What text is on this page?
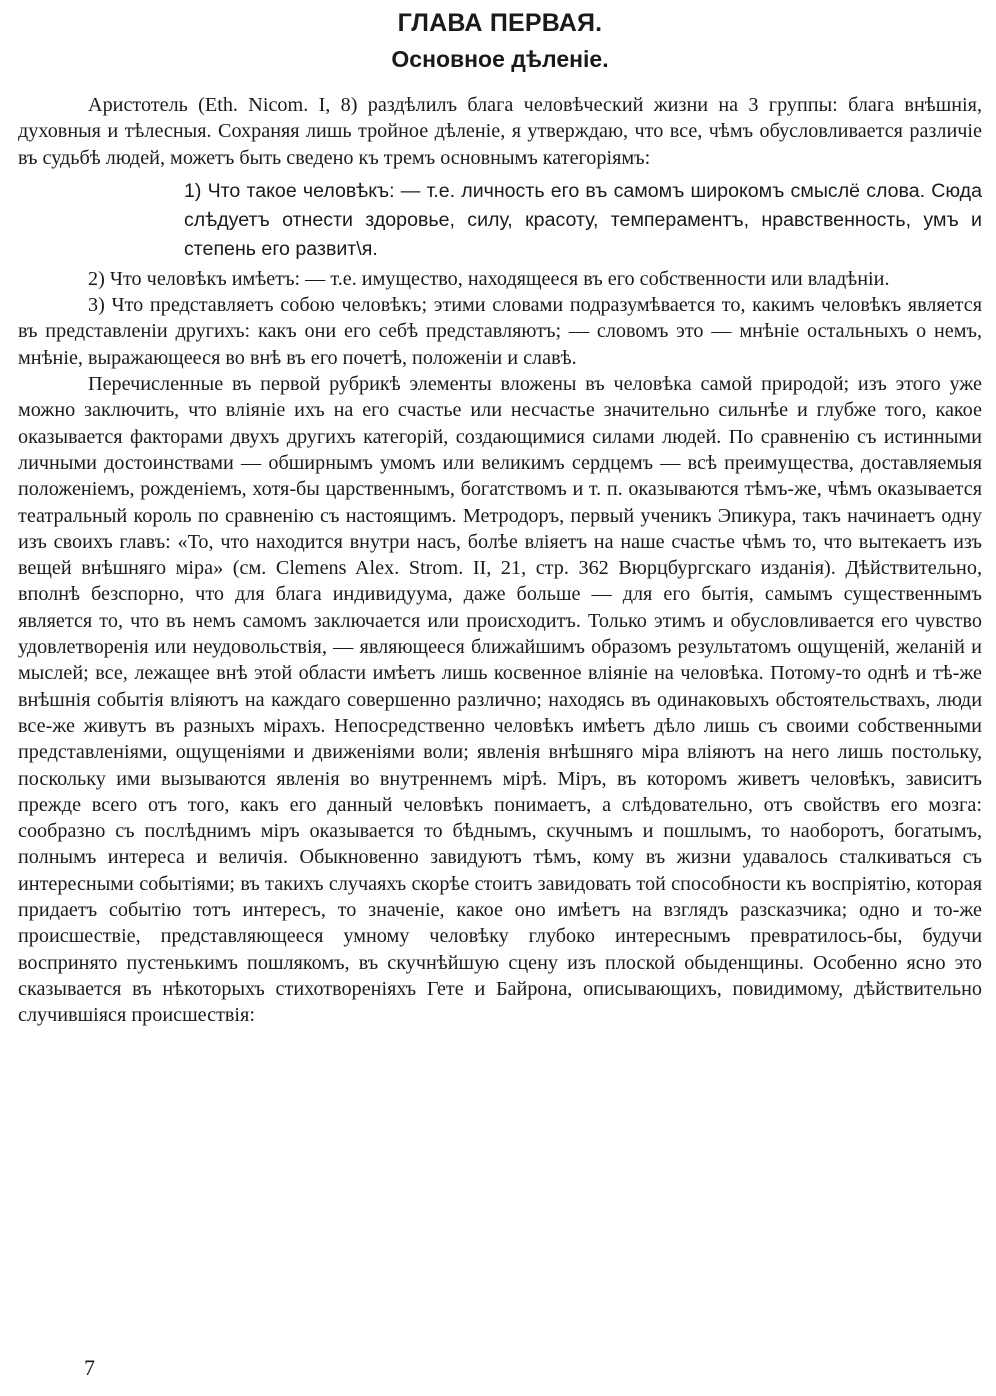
ГЛАВА ПЕРВАЯ.
Основное дѣленіе.

Аристотель (Eth. Nicom. I, 8) раздѣлилъ блага человѣческий жизни на 3 группы: блага внѣшнія, духовныя и тѣлесныя. Сохраняя лишь тройное дѣленіе, я утверждаю, что все, чѣмъ обусловливается различіе въ судьбѣ людей, можетъ быть сведено къ тремъ основнымъ категоріямъ:

1) Что такое человѣкъ: — т.е. личность его въ самомъ широкомъ смыслё слова. Сюда слѣдуетъ отнести здоровье, силу, красоту, темпераментъ, нравственность, умъ и степень его развит\я.

2) Что человѣкъ имѣетъ: — т.е. имущество, находящееся въ его собственности или владѣніи.

3) Что представляетъ собою человѣкъ; этими словами подразумѣвается то, какимъ человѣкъ является въ представленіи другихъ: какъ они его себѣ представляютъ; — словомъ это — мнѣніе остальныхъ о немъ, мнѣніе, выражающееся во внѣ въ его почетѣ, положеніи и славѣ.

Перечисленные въ первой рубрикѣ элементы вложены въ человѣка самой природой; изъ этого уже можно заключить, что вліяніе ихъ на его счастье или несчастье значительно сильнѣе и глубже того, какое оказывается факторами двухъ другихъ категорій, создающимися силами людей. По сравненію съ истинными личными достоинствами — обширнымъ умомъ или великимъ сердцемъ — всѣ преимущества, доставляемыя положеніемъ, рожденіемъ, хотя-бы царственнымъ, богатствомъ и т. п. оказываются тѣмъ-же, чѣмъ оказывается театральный король по сравненію съ настоящимъ. Метродоръ, первый ученикъ Эпикура, такъ начинаетъ одну изъ своихъ главъ: «То, что находится внутри насъ, болѣе вліяетъ на наше счастье чѣмъ то, что вытекаетъ изъ вещей внѣшняго міра» (см. Clemens Alex. Strom. II, 21, стр. 362 Вюрцбургскаго изданія). Дѣйствительно, вполнѣ безспорно, что для блага индивидуума, даже больше — для его бытія, самымъ существеннымъ является то, что въ немъ самомъ заключается или происходитъ. Только этимъ и обусловливается его чувство удовлетворенія или неудовольствія, — являющееся ближайшимъ образомъ результатомъ ощущеній, желаній и мыслей; все, лежащее внѣ этой области имѣетъ лишь косвенное вліяніе на человѣка. Потому-то однѣ и тѣ-же внѣшнія событія вліяютъ на каждаго совершенно различно; находясь въ одинаковыхъ обстоятельствахъ, люди все-же живутъ въ разныхъ мірахъ. Непосредственно человѣкъ имѣетъ дѣло лишь съ своими собственными представленіями, ощущеніями и движеніями воли; явленія внѣшняго міра вліяютъ на него лишь постольку, поскольку ими вызываются явленія во внутреннемъ мірѣ. Міръ, въ которомъ живетъ человѣкъ, зависитъ прежде всего отъ того, какъ его данный человѣкъ понимаетъ, а слѣдовательно, отъ свойствъ его мозга: сообразно съ послѣднимъ міръ оказывается то бѣднымъ, скучнымъ и пошлымъ, то наоборотъ, богатымъ, полнымъ интереса и величія. Обыкновенно завидуютъ тѣмъ, кому въ жизни удавалось сталкиваться съ интересными событіями; въ такихъ случаяхъ скорѣе стоитъ завидовать той способности къ воспріятію, которая придаетъ событію тотъ интересъ, то значеніе, какое оно имѣетъ на взглядъ разсказчика; одно и то-же происшествіе, представляющееся умному человѣку глубоко интереснымъ превратилось-бы, будучи воспринято пустенькимъ пошлякомъ, въ скучнѣйшую сцену изъ плоской обыденщины. Особенно ясно это сказывается въ нѣкоторыхъ стихотвореніяхъ Гете и Байрона, описывающихъ, повидимому, дѣйствительно случившіяся происшествія:

7
